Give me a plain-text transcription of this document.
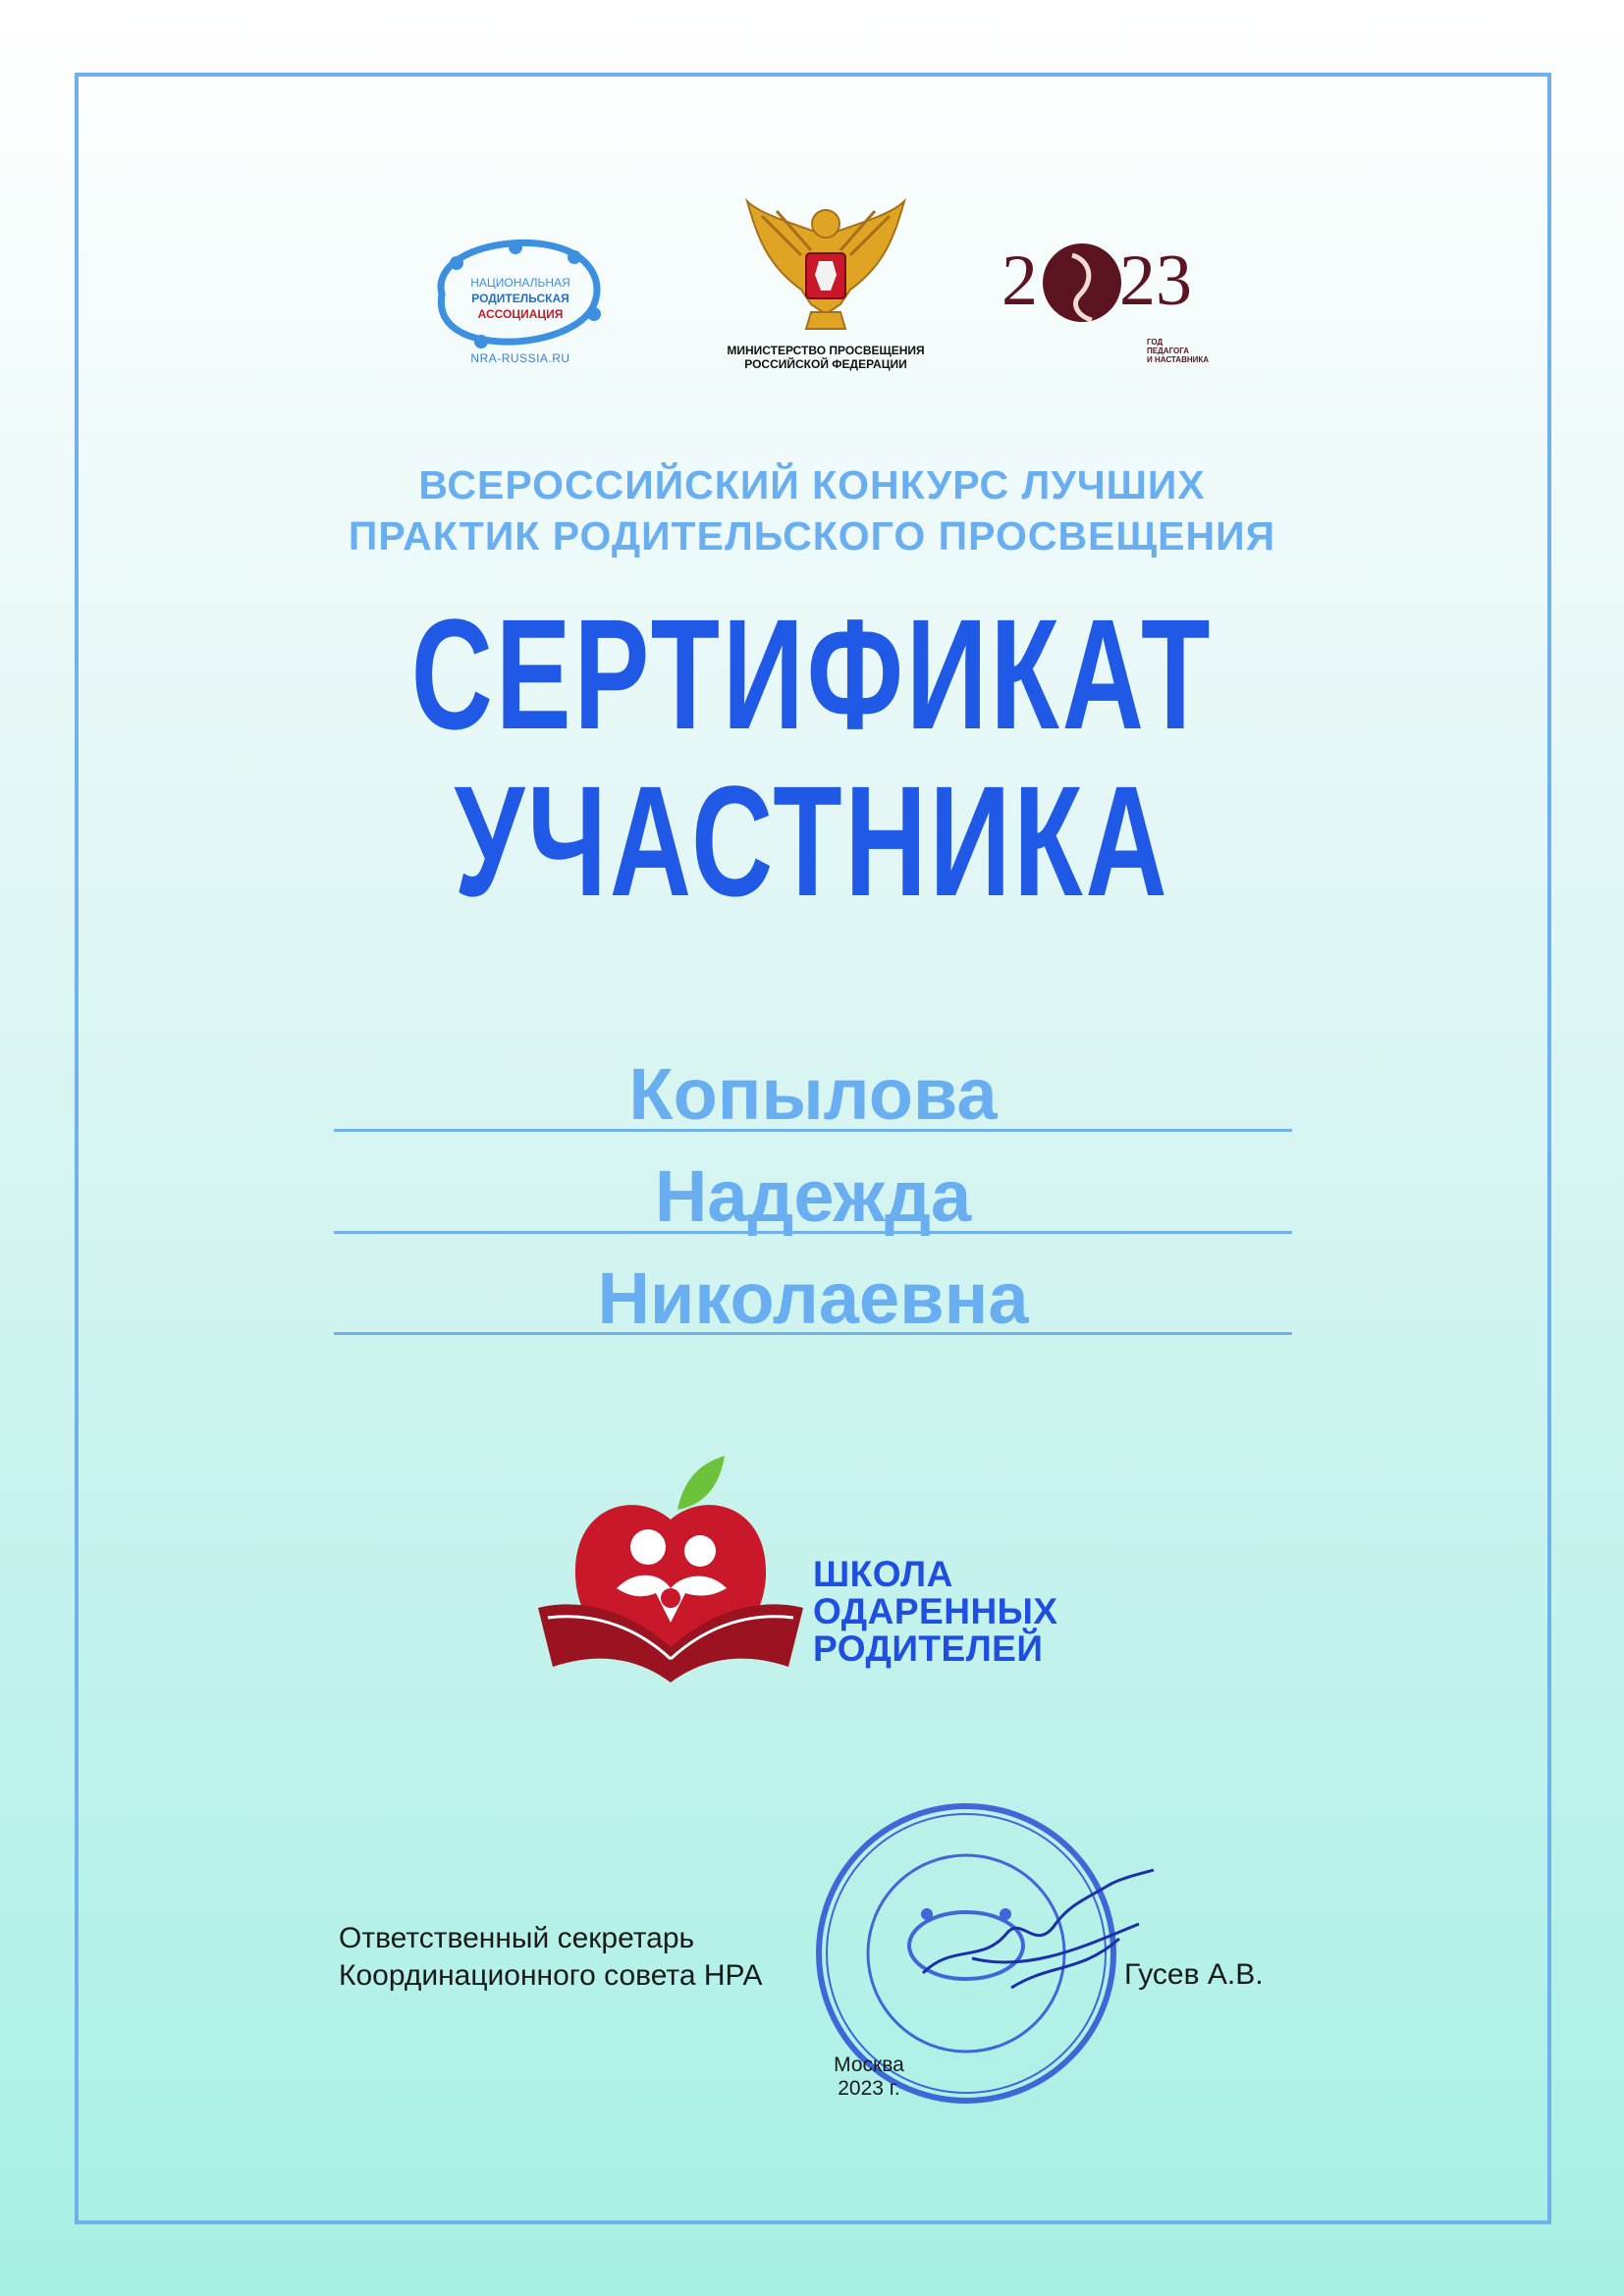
НАЦИОНАЛЬНАЯ
РОДИТЕЛЬСКАЯ
АССОЦИАЦИЯ
NRA-RUSSIA.RU
МИНИСТЕРСТВО ПРОСВЕЩЕНИЯ
РОССИЙСКОЙ ФЕДЕРАЦИИ
2 23
ГОД
ПЕДАГОГА
И НАСТАВНИКА
ВСЕРОССИЙСКИЙ КОНКУРС ЛУЧШИХ
ПРАКТИК РОДИТЕЛЬСКОГО ПРОСВЕЩЕНИЯ
СЕРТИФИКАТ
УЧАСТНИКА
Копылова
Надежда
Николаевна
ШКОЛА
ОДАРЕННЫХ
РОДИТЕЛЕЙ
Ответственный секретарь
Координационного совета НРА	Гусев А.В.
Москва
2023 г.
